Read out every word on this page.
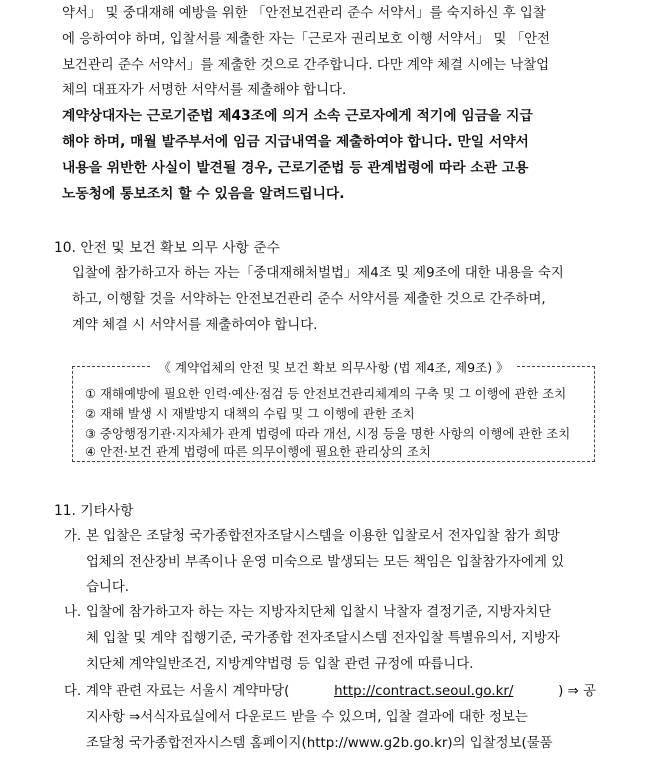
약서」 및 중대재해 예방을 위한 「안전보건관리 준수 서약서」를 숙지하신 후 입찰
에 응하여야 하며, 입찰서를 제출한 자는「근로자 권리보호 이행 서약서」 및 「안전
보건관리 준수 서약서」를 제출한 것으로 간주합니다. 다만 계약 체결 시에는 낙찰업
체의 대표자가 서명한 서약서를 제출해야 합니다.
계약상대자는 근로기준법 제43조에 의거 소속 근로자에게 적기에 임금을 지급
해야 하며, 매월 발주부서에 임금 지급내역을 제출하여야 합니다. 만일 서약서
내용을 위반한 사실이 발견될 경우, 근로기준법 등 관계법령에 따라 소관 고용
노동청에 통보조치 할 수 있음을 알려드립니다.
10. 안전 및 보건 확보 의무 사항 준수
입찰에 참가하고자 하는 자는「중대재해처벌법」제4조 및 제9조에 대한 내용을 숙지
하고, 이행할 것을 서약하는 안전보건관리 준수 서약서를 제출한 것으로 간주하며,
계약 체결 시 서약서를 제출하여야 합니다.
《 계약업체의 안전 및 보건 확보 의무사항 (법 제4조, 제9조) 》
① 재해예방에 필요한 인력·예산·점검 등 안전보건관리체계의 구축 및 그 이행에 관한 조치
② 재해 발생 시 재발방지 대책의 수립 및 그 이행에 관한 조치
③ 중앙행정기관·지자체가 관계 법령에 따라 개선, 시정 등을 명한 사항의 이행에 관한 조치
④ 안전·보건 관계 법령에 따른 의무이행에 필요한 관리상의 조치
11. 기타사항
가. 본 입찰은 조달청 국가종합전자조달시스템을 이용한 입찰로서 전자입찰 참가 희망
업체의 전산장비 부족이나 운영 미숙으로 발생되는 모든 책임은 입찰참가자에게 있
습니다.
나. 입찰에 참가하고자 하는 자는 지방자치단체 입찰시 낙찰자 결정기준, 지방자치단
체 입찰 및 계약 집행기준, 국가종합 전자조달시스템 전자입찰 특별유의서, 지방자
치단체 계약일반조건, 지방계약법령 등 입찰 관련 규정에 따릅니다.
다. 계약 관련 자료는 서울시 계약마당(	http://contract.seoul.go.kr/	) ⇒ 공
지사항 ⇒서식자료실에서 다운로드 받을 수 있으며, 입찰 결과에 대한 정보는
조달청 국가종합전자시스템 홈페이지(http://www.g2b.go.kr)의 입찰정보(물품
